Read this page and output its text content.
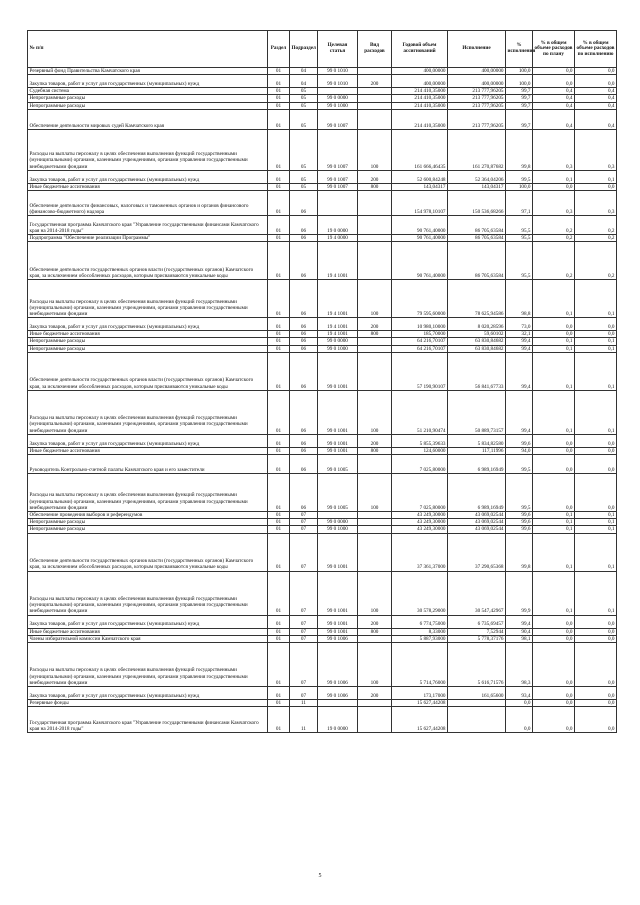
№ п/п	Раздел	Подраздел	Целевая статья	Вид расходов	Годовой объем ассигнований	Исполнение	% исполнения	% в общем объеме расходов по плану	% в общем объеме расходов по исполнению
Резервный фонд Правительства Камчатского края	01	04	99 0 1010		400,00000	400,00000	100,0	0,0	0,0
Закупка товаров, работ и услуг для государственных (муниципальных) нужд	01	04	99 0 1010	200	400,00000	400,00000	100,0	0,0	0,0
Судебная система	01	05			214 410,35000	213 777,96205	99,7	0,4	0,4
Непрограммные расходы	01	05	99 0 0000		214 410,35000	213 777,96205	99,7	0,4	0,4
Непрограммные расходы	01	05	99 0 1000		214 410,35000	213 777,96205	99,7	0,4	0,4
Обеспечение деятельности мировых судей Камчатского края	01	05	99 0 1007		214 410,35000	213 777,96205	99,7	0,4	0,4
Расходы на выплаты персоналу в целях обеспечения выполнения функций государственными (муниципальными) органами, казенными учреждениями, органами управления государственными внебюджетными фондами	01	05	99 0 1007	100	161 666,46435	161 270,87682	99,8	0,3	0,3
Закупка товаров, работ и услуг для государственных (муниципальных) нужд	01	05	99 0 1007	200	52 600,84248	52 364,04206	99,5	0,1	0,1
Иные бюджетные ассигнования	01	05	99 0 1007	800	143,04317	143,04317	100,0	0,0	0,0
Обеспечение деятельности финансовых, налоговых и таможенных органов и органов финансового (финансово-бюджетного) надзора	01	06			154 978,10107	150 536,68266	97,1	0,3	0,3
Государственная программа Камчатского края "Управление государственными финансами Камчатского края на 2014-2018 годы"	01	06	19 0 0000		90 761,40000	86 705,63584	95,5	0,2	0,2
Подпрограмма "Обеспечение реализации Программы"	01	06	19 4 0000		90 761,40000	86 705,63584	95,5	0,2	0,2
Обеспечение деятельности государственных органов власти (государственных органов) Камчатского края, за исключением обособленных расходов, которым присваиваются уникальные коды	01	06	19 4 1001		90 761,40000	86 705,63584	95,5	0,2	0,2
Расходы на выплаты персоналу в целях обеспечения выполнения функций государственными (муниципальными) органами, казенными учреждениями, органами управления государственными внебюджетными фондами	01	06	19 4 1001	100	79 595,60000	78 625,94586	98,8	0,1	0,1
Закупка товаров, работ и услуг для государственных (муниципальных) нужд	01	06	19 4 1001	200	10 980,10000	8 020,28596	73,0	0,0	0,0
Иные бюджетные ассигнования	01	06	19 4 1001	800	185,70000	59,60102	32,1	0,0	0,0
Непрограммные расходы	01	06	99 0 0000		64 216,70107	63 830,84682	99,4	0,1	0,1
Непрограммные расходы	01	06	99 0 1000		64 216,70107	63 830,84682	99,4	0,1	0,1
Обеспечение деятельности государственных органов власти (государственных органов) Камчатского края, за исключением обособленных расходов, которым присваиваются уникальные коды	01	06	99 0 1001		57 190,90107	56 841,67733	99,4	0,1	0,1
Расходы на выплаты персоналу в целях обеспечения выполнения функций государственными (муниципальными) органами, казенными учреждениями, органами управления государственными внебюджетными фондами	01	06	99 0 1001	100	51 210,90474	50 889,73157	99,4	0,1	0,1
Закупка товаров, работ и услуг для государственных (муниципальных) нужд	01	06	99 0 1001	200	5 855,39633	5 834,82580	99,6	0,0	0,0
Иные бюджетные ассигнования	01	06	99 0 1001	800	124,60000	117,11996	94,0	0,0	0,0
Руководитель Контрольно-счетной палаты Камчатского края и его заместители	01	06	99 0 1005		7 025,80000	6 989,16949	99,5	0,0	0,0
Расходы на выплаты персоналу в целях обеспечения выполнения функций государственными (муниципальными) органами, казенными учреждениями, органами управления государственными внебюджетными фондами	01	06	99 0 1005	100	7 025,80000	6 989,16949	99,5	0,0	0,0
Обеспечение проведения выборов и референдумов	01	07			43 249,30000	43 069,02544	99,6	0,1	0,1
Непрограммные расходы	01	07	99 0 0000		43 249,30000	43 069,02544	99,6	0,1	0,1
Непрограммные расходы	01	07	99 0 1000		43 249,30000	43 069,02544	99,6	0,1	0,1
Обеспечение деятельности государственных органов власти (государственных органов) Камчатского края, за исключением обособленных расходов, которым присваиваются уникальные коды	01	07	99 0 1001		37 361,37000	37 290,65368	99,8	0,1	0,1
Расходы на выплаты персоналу в целях обеспечения выполнения функций государственными (муниципальными) органами, казенными учреждениями, органами управления государственными внебюджетными фондами	01	07	99 0 1001	100	30 578,29000	30 547,42967	99,9	0,1	0,1
Закупка товаров, работ и услуг для государственных (муниципальных) нужд	01	07	99 0 1001	200	6 774,75000	6 735,69457	99,4	0,0	0,0
Иные бюджетные ассигнования	01	07	99 0 1001	800	8,33000	7,52944	90,4	0,0	0,0
Члены избирательной комиссии Камчатского края	01	07	99 0 1006		5 887,93000	5 778,37176	98,1	0,0	0,0
Расходы на выплаты персоналу в целях обеспечения выполнения функций государственными (муниципальными) органами, казенными учреждениями, органами управления государственными внебюджетными фондами	01	07	99 0 1006	100	5 714,76000	5 616,71576	98,3	0,0	0,0
Закупка товаров, работ и услуг для государственных (муниципальных) нужд	01	07	99 0 1006	200	173,17000	161,65600	93,4	0,0	0,0
Резервные фонды	01	11			15 627,44208		0,0	0,0	0,0
Государственная программа Камчатского края "Управление государственными финансами Камчатского края на 2014-2018 годы"	01	11	19 0 0000		15 627,44208		0,0	0,0	0,0
5
